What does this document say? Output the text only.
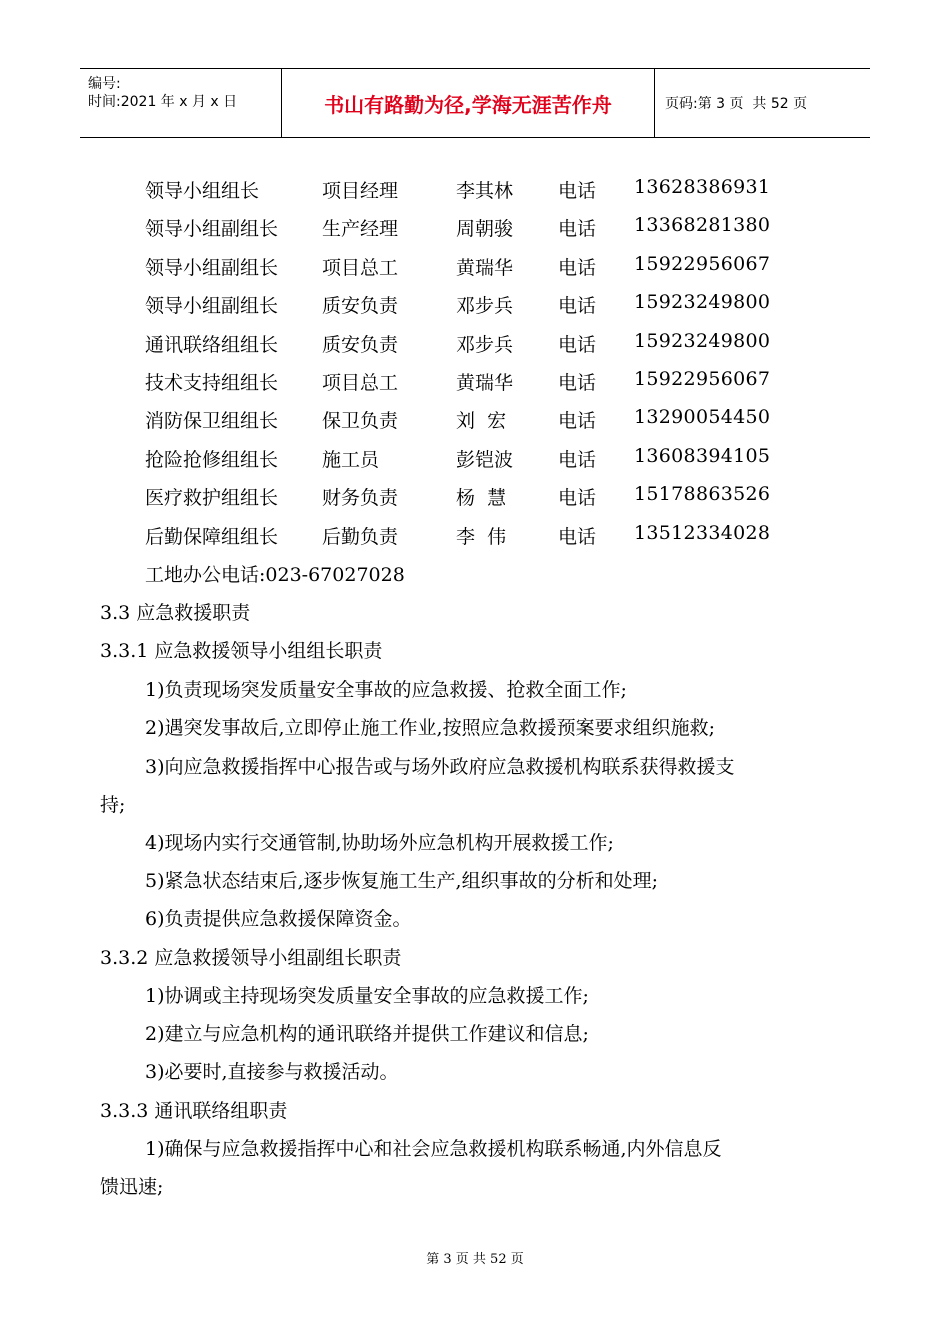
编号:
时间:2021 年 x 月 x 日	书山有路勤为径,学海无涯苦作舟	页码:第 3 页  共 52 页
领导小组组长	项目经理	李其林 电话 13628386931
领导小组副组长 生产经理	周朝骏 电话 13368281380
领导小组副组长 项目总工	黄瑞华 电话 15922956067
领导小组副组长 质安负责	邓步兵 电话 15923249800
通讯联络组组长 质安负责	邓步兵 电话 15923249800
技术支持组组长 项目总工	黄瑞华 电话 15922956067
消防保卫组组长 保卫负责	刘  宏	电话 13290054450
抢险抢修组组长 施工员	彭铠波 电话 13608394105
医疗救护组组长 财务负责	杨  慧	电话 15178863526
后勤保障组组长 后勤负责	李  伟	电话 13512334028
工地办公电话:023-67027028
3.3 应急救援职责
3.3.1 应急救援领导小组组长职责
1)负责现场突发质量安全事故的应急救援、抢救全面工作;
2)遇突发事故后,立即停止施工作业,按照应急救援预案要求组织施救;
3)向应急救援指挥中心报告或与场外政府应急救援机构联系获得救援支
持;
4)现场内实行交通管制,协助场外应急机构开展救援工作;
5)紧急状态结束后,逐步恢复施工生产,组织事故的分析和处理;
6)负责提供应急救援保障资金。
3.3.2 应急救援领导小组副组长职责
1)协调或主持现场突发质量安全事故的应急救援工作;
2)建立与应急机构的通讯联络并提供工作建议和信息;
3)必要时,直接参与救援活动。
3.3.3 通讯联络组职责
1)确保与应急救援指挥中心和社会应急救援机构联系畅通,内外信息反
馈迅速;
第 3 页 共 52 页
